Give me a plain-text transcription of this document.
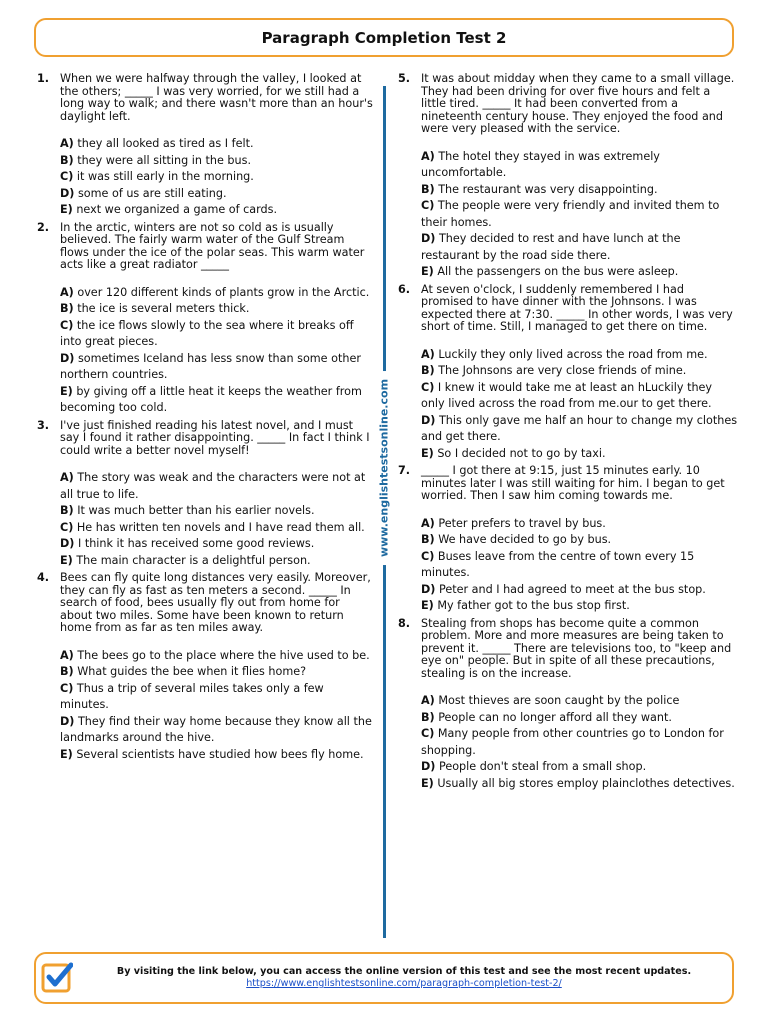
Paragraph Completion Test 2
1. When we were halfway through the valley, I looked at the others; _____ I was very worried, for we still had a long way to walk; and there wasn't more than an hour's daylight left.
A) they all looked as tired as I felt.
B) they were all sitting in the bus.
C) it was still early in the morning.
D) some of us are still eating.
E) next we organized a game of cards.
2. In the arctic, winters are not so cold as is usually believed. The fairly warm water of the Gulf Stream flows under the ice of the polar seas. This warm water acts like a great radiator _____
A) over 120 different kinds of plants grow in the Arctic.
B) the ice is several meters thick.
C) the ice flows slowly to the sea where it breaks off into great pieces.
D) sometimes Iceland has less snow than some other northern countries.
E) by giving off a little heat it keeps the weather from becoming too cold.
3. I've just finished reading his latest novel, and I must say I found it rather disappointing. _____ In fact I think I could write a better novel myself!
A) The story was weak and the characters were not at all true to life.
B) It was much better than his earlier novels.
C) He has written ten novels and I have read them all.
D) I think it has received some good reviews.
E) The main character is a delightful person.
4. Bees can fly quite long distances very easily. Moreover, they can fly as fast as ten meters a second. _____ In search of food, bees usually fly out from home for about two miles. Some have been known to return home from as far as ten miles away.
A) The bees go to the place where the hive used to be.
B) What guides the bee when it flies home?
C) Thus a trip of several miles takes only a few minutes.
D) They find their way home because they know all the landmarks around the hive.
E) Several scientists have studied how bees fly home.
www.englishtestsonline.com
5. It was about midday when they came to a small village. They had been driving for over five hours and felt a little tired. _____ It had been converted from a nineteenth century house. They enjoyed the food and were very pleased with the service.
A) The hotel they stayed in was extremely uncomfortable.
B) The restaurant was very disappointing.
C) The people were very friendly and invited them to their homes.
D) They decided to rest and have lunch at the restaurant by the road side there.
E) All the passengers on the bus were asleep.
6. At seven o'clock, I suddenly remembered I had promised to have dinner with the Johnsons. I was expected there at 7:30. _____ In other words, I was very short of time. Still, I managed to get there on time.
A) Luckily they only lived across the road from me.
B) The Johnsons are very close friends of mine.
C) I knew it would take me at least an hLuckily they only lived across the road from me.our to get there.
D) This only gave me half an hour to change my clothes and get there.
E) So I decided not to go by taxi.
7. _____ I got there at 9:15, just 15 minutes early. 10 minutes later I was still waiting for him. I began to get worried. Then I saw him coming towards me.
A) Peter prefers to travel by bus.
B) We have decided to go by bus.
C) Buses leave from the centre of town every 15 minutes.
D) Peter and I had agreed to meet at the bus stop.
E) My father got to the bus stop first.
8. Stealing from shops has become quite a common problem. More and more measures are being taken to prevent it. _____ There are televisions too, to "keep and eye on" people. But in spite of all these precautions, stealing is on the increase.
A) Most thieves are soon caught by the police
B) People can no longer afford all they want.
C) Many people from other countries go to London for shopping.
D) People don't steal from a small shop.
E) Usually all big stores employ plainclothes detectives.
By visiting the link below, you can access the online version of this test and see the most recent updates.
https://www.englishtestsonline.com/paragraph-completion-test-2/
